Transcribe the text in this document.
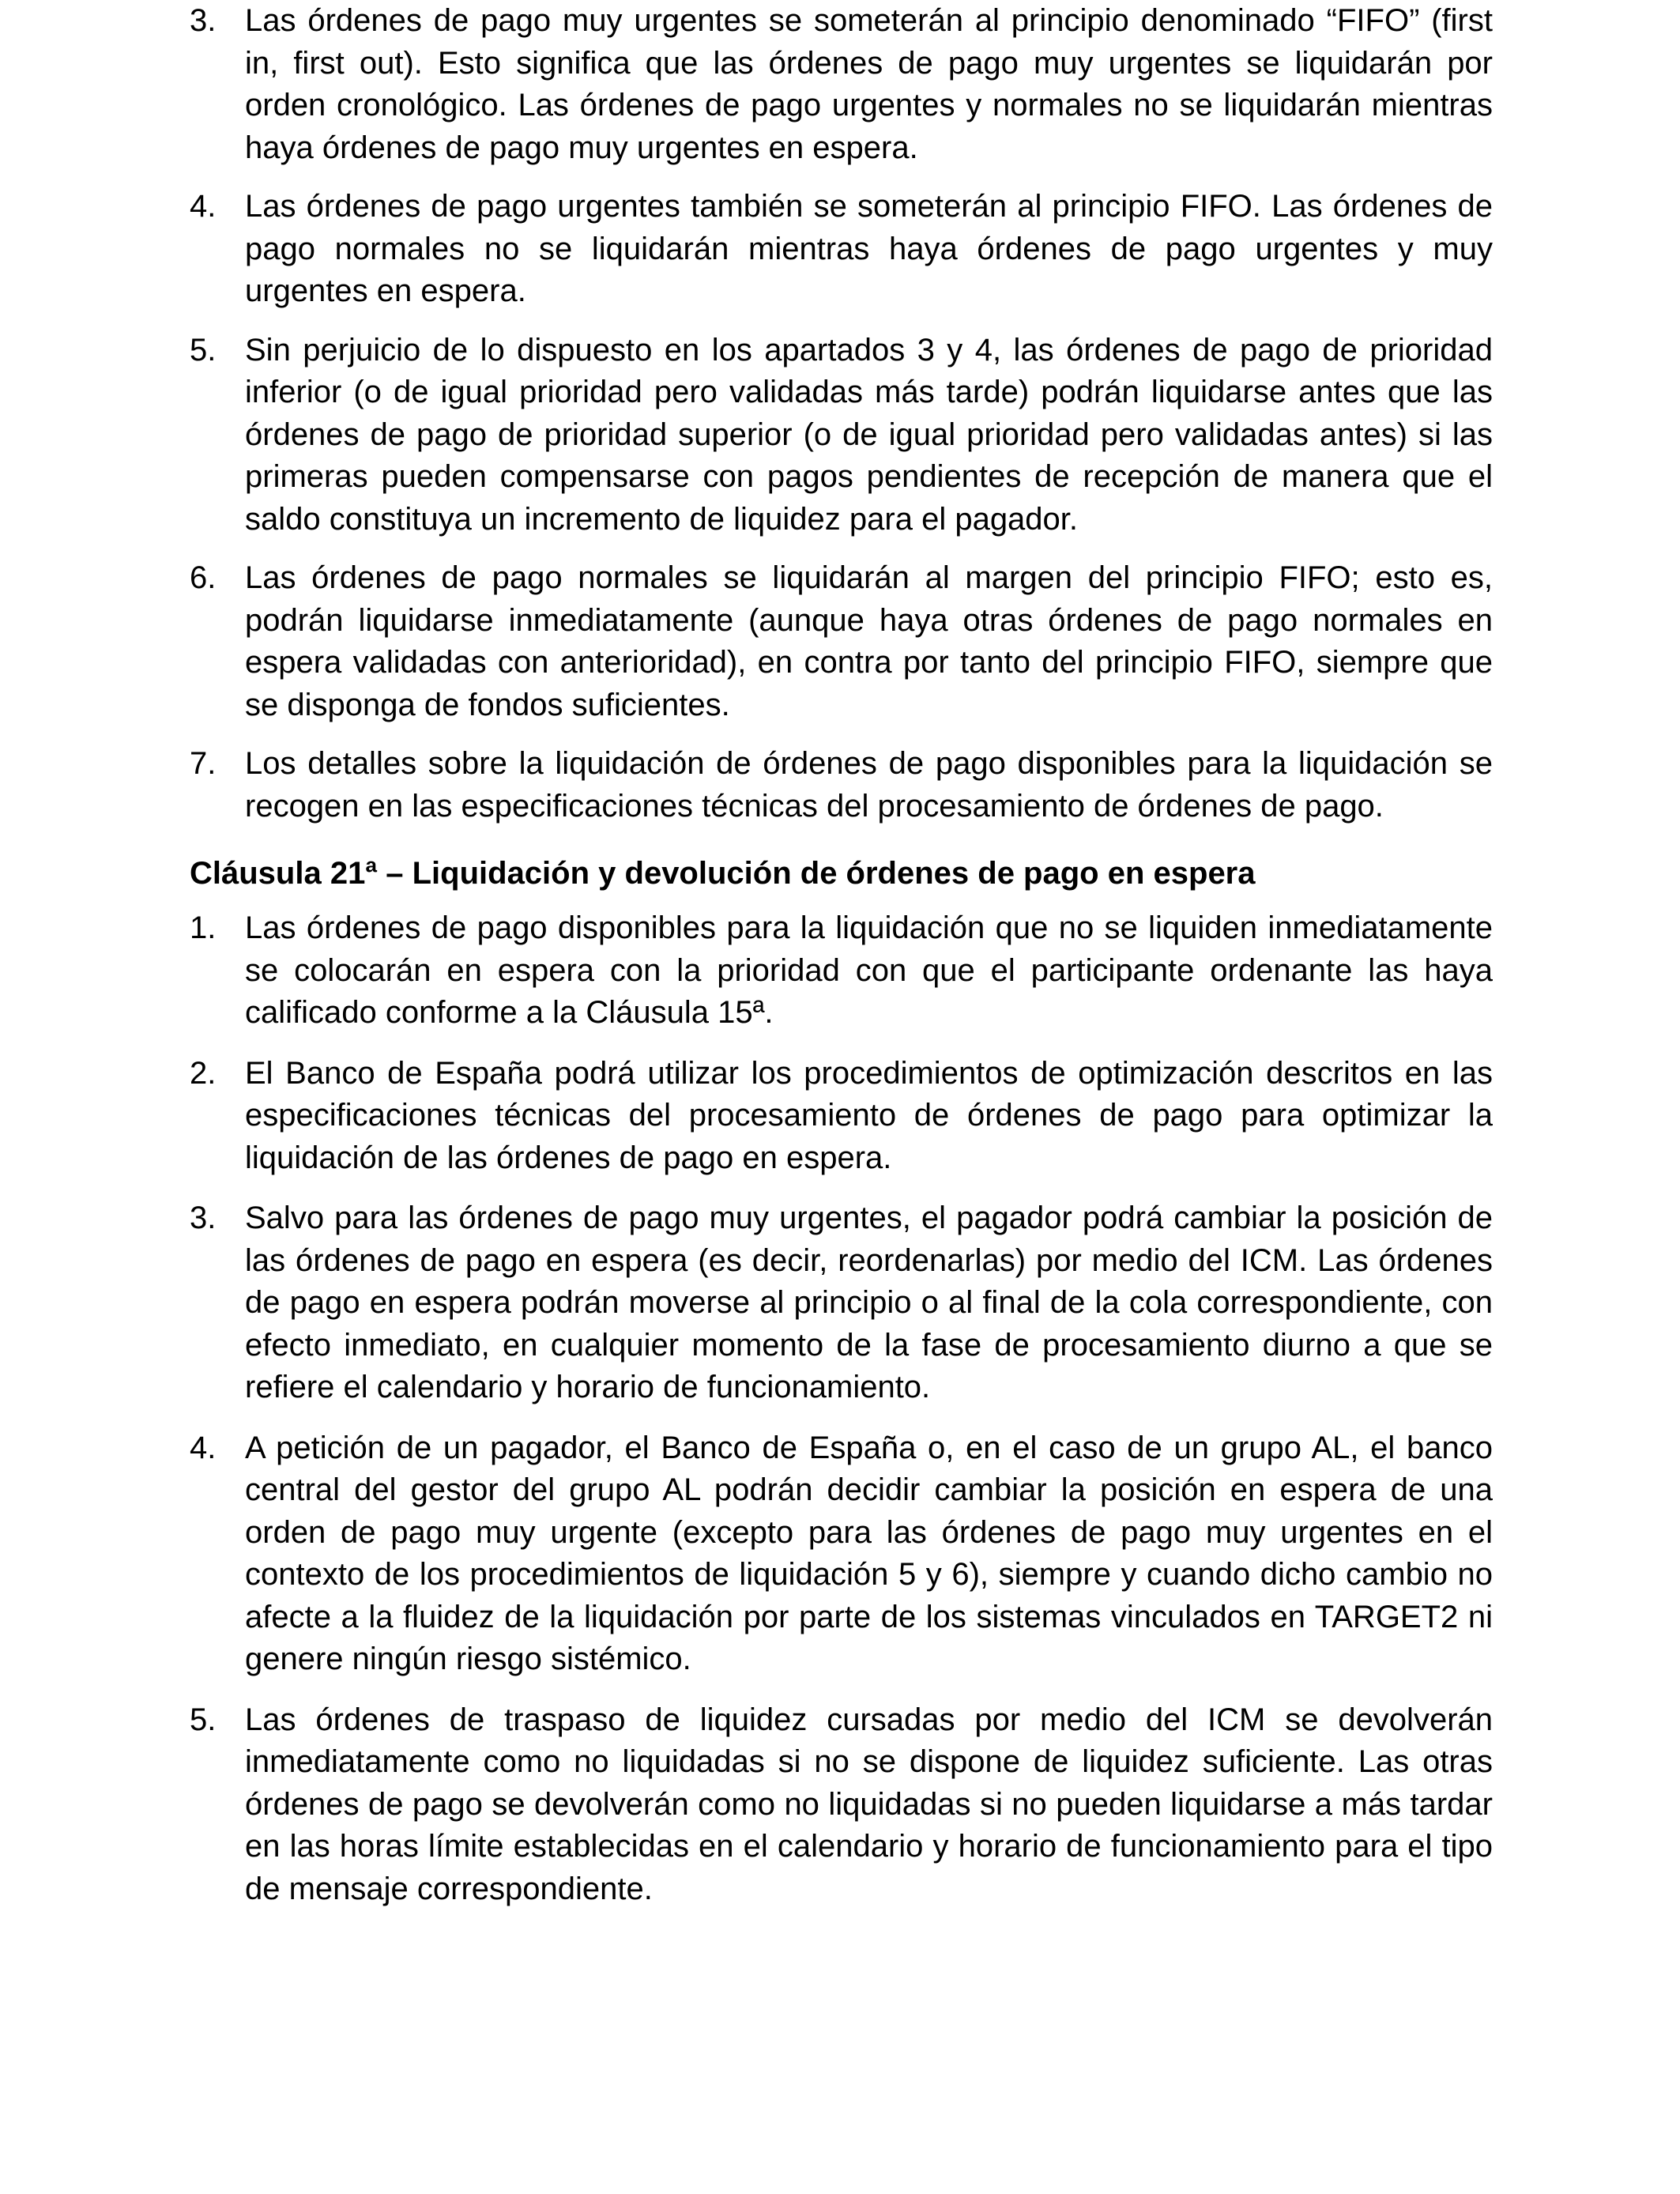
3. Las órdenes de pago muy urgentes se someterán al principio denominado “FIFO” (first in, first out). Esto significa que las órdenes de pago muy urgentes se liquidarán por orden cronológico. Las órdenes de pago urgentes y normales no se liquidarán mientras haya órdenes de pago muy urgentes en espera.
4. Las órdenes de pago urgentes también se someterán al principio FIFO. Las órdenes de pago normales no se liquidarán mientras haya órdenes de pago urgentes y muy urgentes en espera.
5. Sin perjuicio de lo dispuesto en los apartados 3 y 4, las órdenes de pago de prioridad inferior (o de igual prioridad pero validadas más tarde) podrán liquidarse antes que las órdenes de pago de prioridad superior (o de igual prioridad pero validadas antes) si las primeras pueden compensarse con pagos pendientes de recepción de manera que el saldo constituya un incremento de liquidez para el pagador.
6. Las órdenes de pago normales se liquidarán al margen del principio FIFO; esto es, podrán liquidarse inmediatamente (aunque haya otras órdenes de pago normales en espera validadas con anterioridad), en contra por tanto del principio FIFO, siempre que se disponga de fondos suficientes.
7. Los detalles sobre la liquidación de órdenes de pago disponibles para la liquidación se recogen en las especificaciones técnicas del procesamiento de órdenes de pago.
Cláusula 21ª – Liquidación y devolución de órdenes de pago en espera
1. Las órdenes de pago disponibles para la liquidación que no se liquiden inmediatamente se colocarán en espera con la prioridad con que el participante ordenante las haya calificado conforme a la Cláusula 15ª.
2. El Banco de España podrá utilizar los procedimientos de optimización descritos en las especificaciones técnicas del procesamiento de órdenes de pago para optimizar la liquidación de las órdenes de pago en espera.
3. Salvo para las órdenes de pago muy urgentes, el pagador podrá cambiar la posición de las órdenes de pago en espera (es decir, reordenarlas) por medio del ICM. Las órdenes de pago en espera podrán moverse al principio o al final de la cola correspondiente, con efecto inmediato, en cualquier momento de la fase de procesamiento diurno a que se refiere el calendario y horario de funcionamiento.
4. A petición de un pagador, el Banco de España o, en el caso de un grupo AL, el banco central del gestor del grupo AL podrán decidir cambiar la posición en espera de una orden de pago muy urgente (excepto para las órdenes de pago muy urgentes en el contexto de los procedimientos de liquidación 5 y 6), siempre y cuando dicho cambio no afecte a la fluidez de la liquidación por parte de los sistemas vinculados en TARGET2 ni genere ningún riesgo sistémico.
5. Las órdenes de traspaso de liquidez cursadas por medio del ICM se devolverán inmediatamente como no liquidadas si no se dispone de liquidez suficiente. Las otras órdenes de pago se devolverán como no liquidadas si no pueden liquidarse a más tardar en las horas límite establecidas en el calendario y horario de funcionamiento para el tipo de mensaje correspondiente.
